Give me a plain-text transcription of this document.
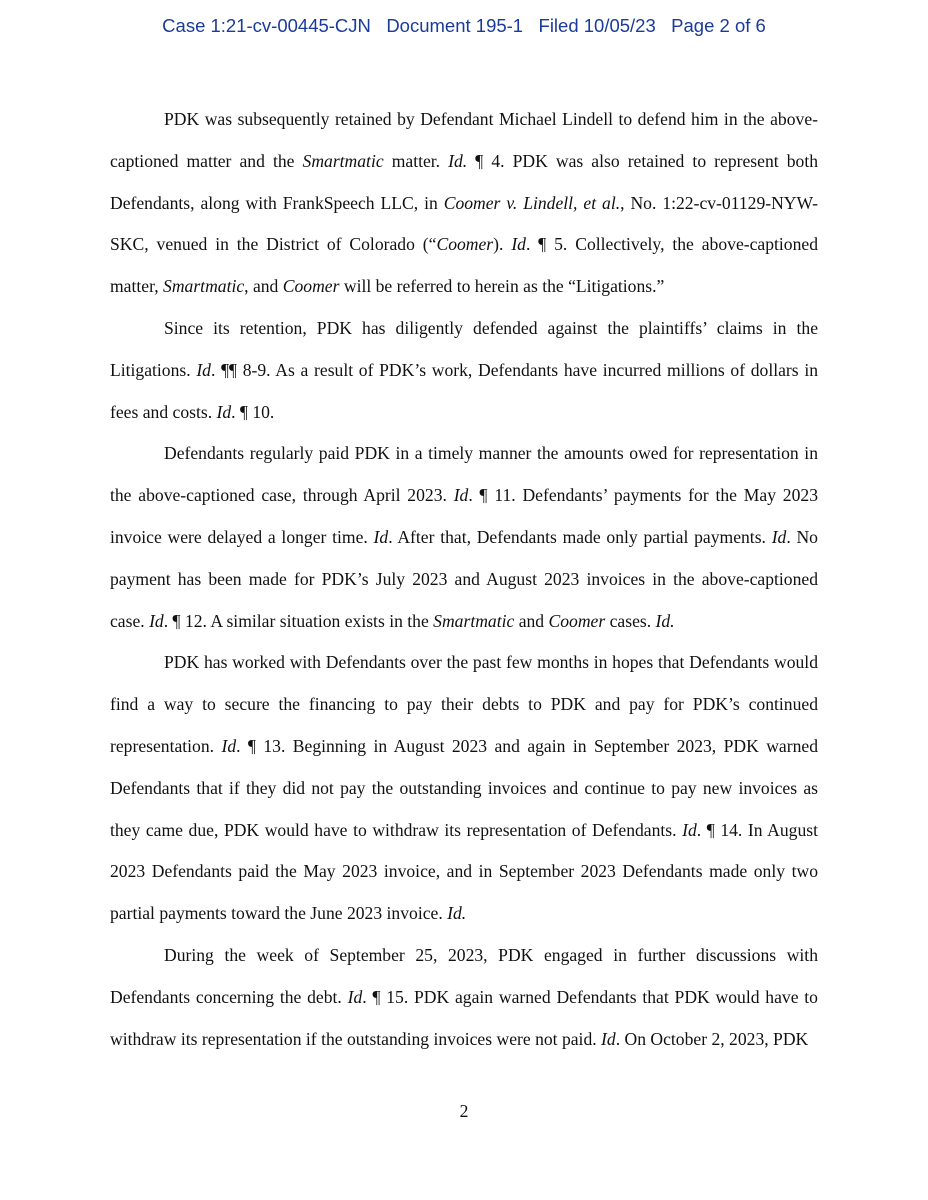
Case 1:21-cv-00445-CJN   Document 195-1   Filed 10/05/23   Page 2 of 6

PDK was subsequently retained by Defendant Michael Lindell to defend him in the above-captioned matter and the Smartmatic matter. Id. ¶ 4. PDK was also retained to represent both Defendants, along with FrankSpeech LLC, in Coomer v. Lindell, et al., No. 1:22-cv-01129-NYW-SKC, venued in the District of Colorado (“Coomer). Id. ¶ 5. Collectively, the above-captioned matter, Smartmatic, and Coomer will be referred to herein as the “Litigations.”

Since its retention, PDK has diligently defended against the plaintiffs’ claims in the Litigations. Id. ¶¶ 8-9. As a result of PDK’s work, Defendants have incurred millions of dollars in fees and costs. Id. ¶ 10.

Defendants regularly paid PDK in a timely manner the amounts owed for representation in the above-captioned case, through April 2023. Id. ¶ 11. Defendants’ payments for the May 2023 invoice were delayed a longer time. Id. After that, Defendants made only partial payments. Id. No payment has been made for PDK’s July 2023 and August 2023 invoices in the above-captioned case. Id. ¶ 12. A similar situation exists in the Smartmatic and Coomer cases. Id.

PDK has worked with Defendants over the past few months in hopes that Defendants would find a way to secure the financing to pay their debts to PDK and pay for PDK’s continued representation. Id. ¶ 13. Beginning in August 2023 and again in September 2023, PDK warned Defendants that if they did not pay the outstanding invoices and continue to pay new invoices as they came due, PDK would have to withdraw its representation of Defendants. Id. ¶ 14. In August 2023 Defendants paid the May 2023 invoice, and in September 2023 Defendants made only two partial payments toward the June 2023 invoice. Id.

During the week of September 25, 2023, PDK engaged in further discussions with Defendants concerning the debt. Id. ¶ 15. PDK again warned Defendants that PDK would have to withdraw its representation if the outstanding invoices were not paid. Id. On October 2, 2023, PDK

2
